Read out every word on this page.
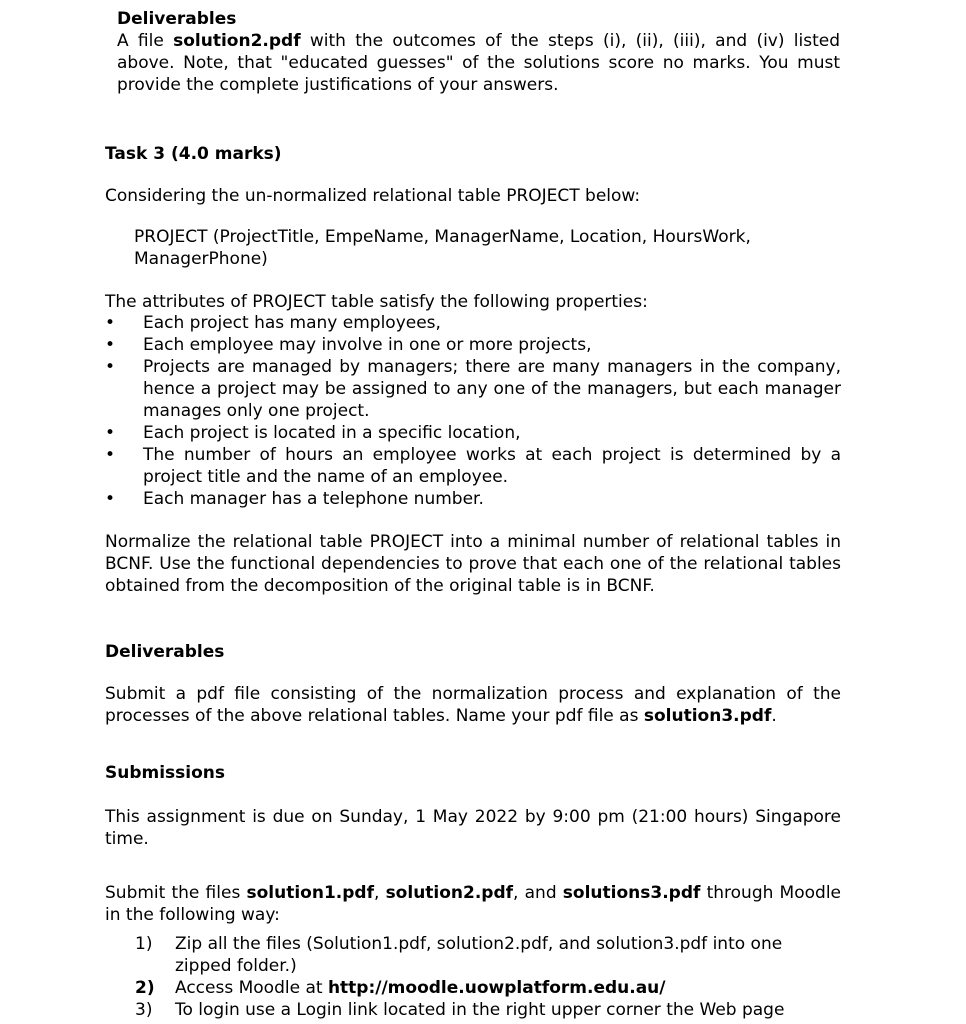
Deliverables

A file solution2.pdf with the outcomes of the steps (i), (ii), (iii), and (iv) listed above. Note, that "educated guesses" of the solutions score no marks. You must provide the complete justifications of your answers.

Task 3 (4.0 marks)

Considering the un-normalized relational table PROJECT below:

PROJECT (ProjectTitle, EmpeName, ManagerName, Location, HoursWork, ManagerPhone)

The attributes of PROJECT table satisfy the following properties:

• Each project has many employees,
• Each employee may involve in one or more projects,
• Projects are managed by managers; there are many managers in the company, hence a project may be assigned to any one of the managers, but each manager manages only one project.
• Each project is located in a specific location,
• The number of hours an employee works at each project is determined by a project title and the name of an employee.
• Each manager has a telephone number.

Normalize the relational table PROJECT into a minimal number of relational tables in BCNF. Use the functional dependencies to prove that each one of the relational tables obtained from the decomposition of the original table is in BCNF.

Deliverables

Submit a pdf file consisting of the normalization process and explanation of the processes of the above relational tables. Name your pdf file as solution3.pdf.

Submissions

This assignment is due on Sunday, 1 May 2022 by 9:00 pm (21:00 hours) Singapore time.

Submit the files solution1.pdf, solution2.pdf, and solutions3.pdf through Moodle in the following way:

1) Zip all the files (Solution1.pdf, solution2.pdf, and solution3.pdf into one zipped folder.)
2) Access Moodle at http://moodle.uowplatform.edu.au/
3) To login use a Login link located in the right upper corner the Web page
